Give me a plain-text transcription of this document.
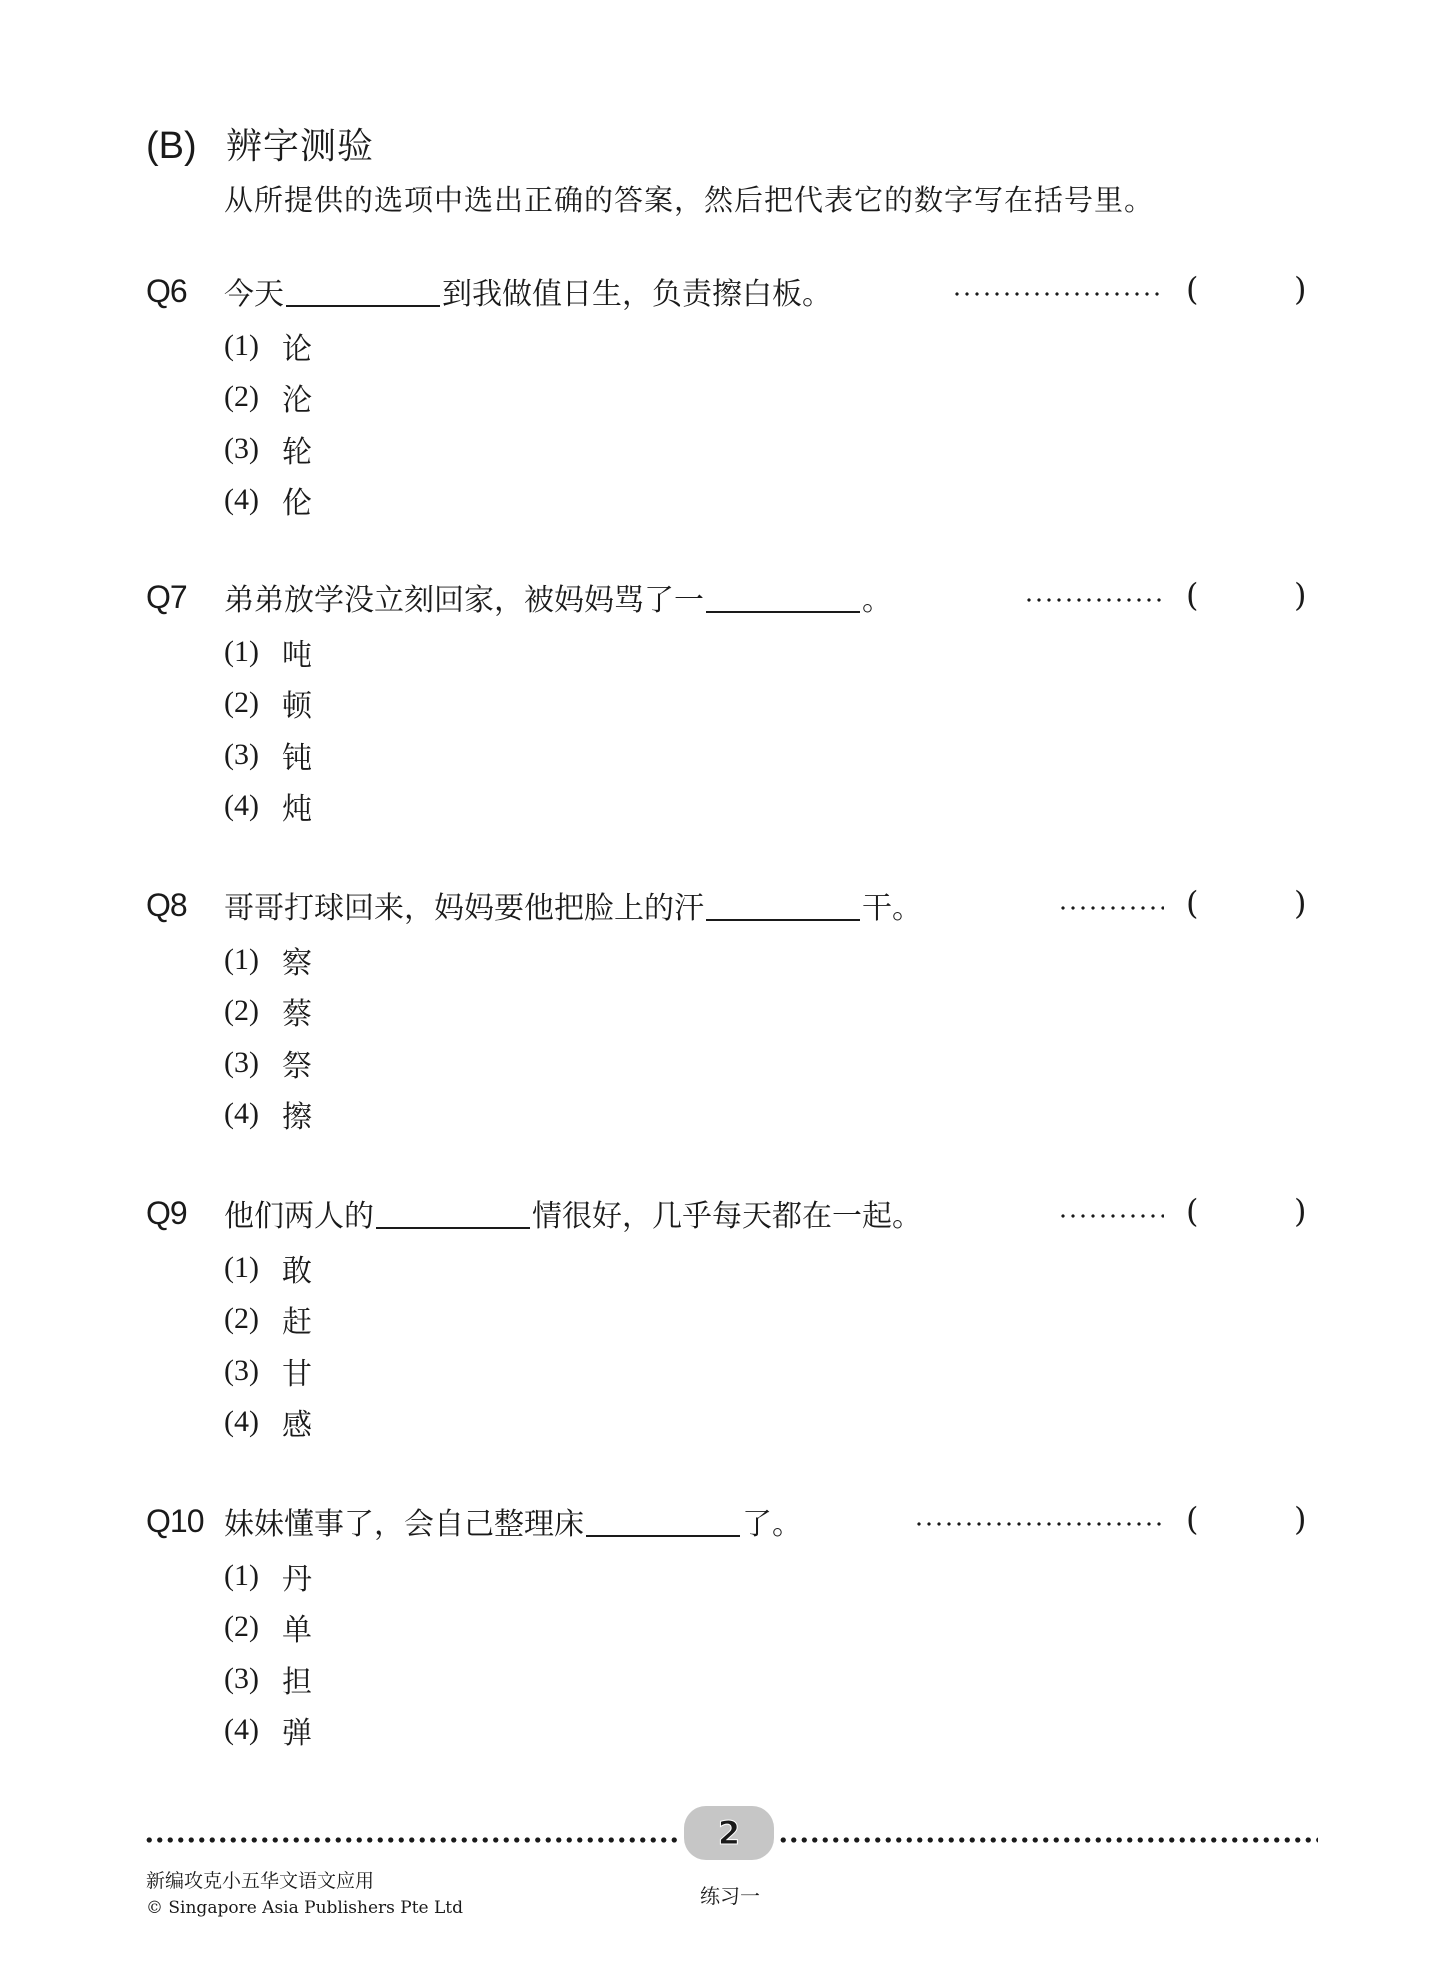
(B) 辨字测验
从所提供的选项中选出正确的答案，然后把代表它的数字写在括号里。
Q6	今天	到我做值日生，负责擦白板。	(	)
(1) 论
(2) 沦
(3) 轮
(4) 伦
Q7	弟弟放学没立刻回家，被妈妈骂了一	。	(	)
(1) 吨
(2) 顿
(3) 钝
(4) 炖
Q8	哥哥打球回来，妈妈要他把脸上的汗	干。	(	)
(1) 察
(2) 蔡
(3) 祭
(4) 擦
Q9	他们两人的	情很好，几乎每天都在一起。	(	)
(1) 敢
(2) 赶
(3) 甘
(4) 感
Q10 妹妹懂事了，会自己整理床	了。	(	)
(1) 丹
(2) 单
(3) 担
(4) 弹
2
新编攻克小五华文语文应用
© Singapore Asia Publishers Pte Ltd	练习一
